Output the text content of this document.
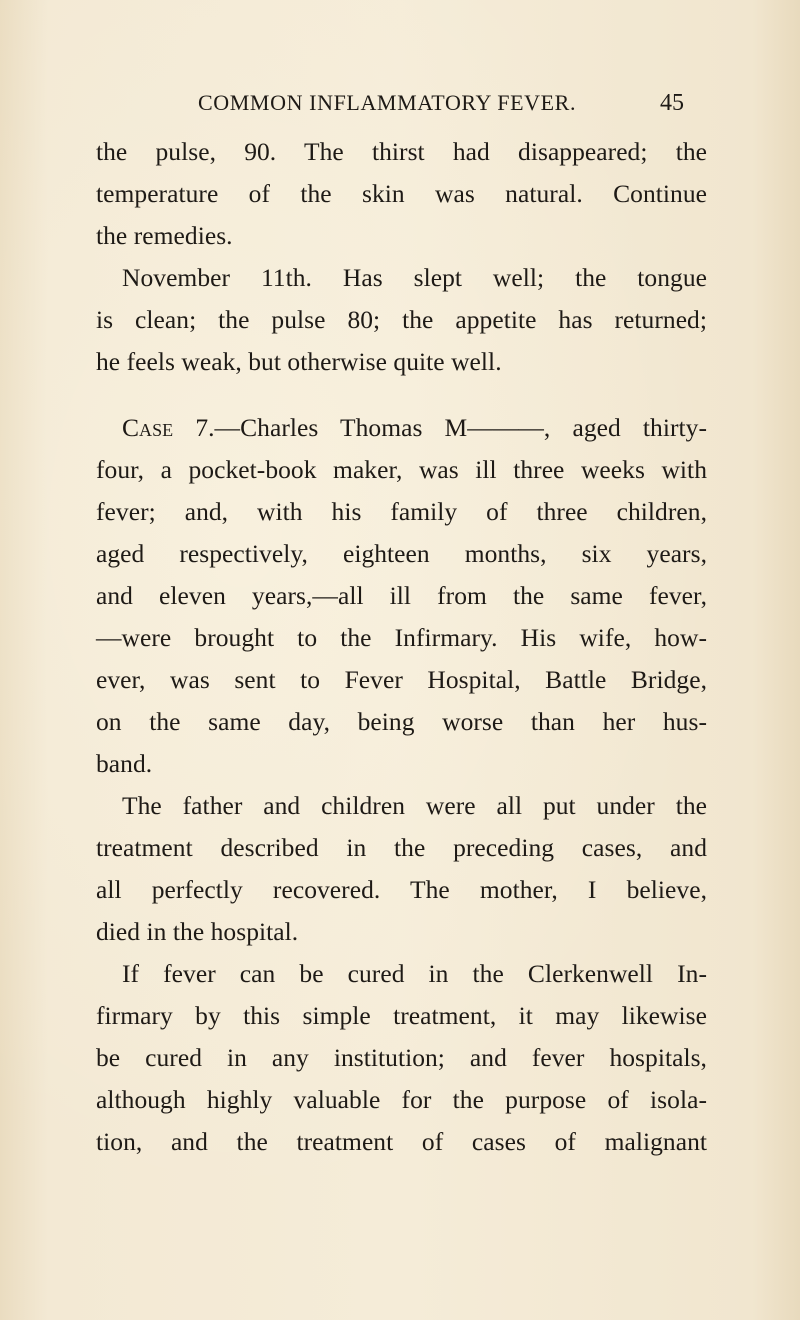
COMMON INFLAMMATORY FEVER.	45
the pulse, 90. The thirst had disappeared; the
temperature of the skin was natural. Continue
the remedies.
November 11th. Has slept well; the tongue
is clean; the pulse 80; the appetite has returned;
he feels weak, but otherwise quite well.
Case 7.—Charles Thomas M———, aged thirty-
four, a pocket-book maker, was ill three weeks with
fever; and, with his family of three children,
aged respectively, eighteen months, six years,
and eleven years,—all ill from the same fever,
—were brought to the Infirmary. His wife, how-
ever, was sent to Fever Hospital, Battle Bridge,
on the same day, being worse than her hus-
band.
The father and children were all put under the
treatment described in the preceding cases, and
all perfectly recovered. The mother, I believe,
died in the hospital.
If fever can be cured in the Clerkenwell In-
firmary by this simple treatment, it may likewise
be cured in any institution; and fever hospitals,
although highly valuable for the purpose of isola-
tion, and the treatment of cases of malignant
